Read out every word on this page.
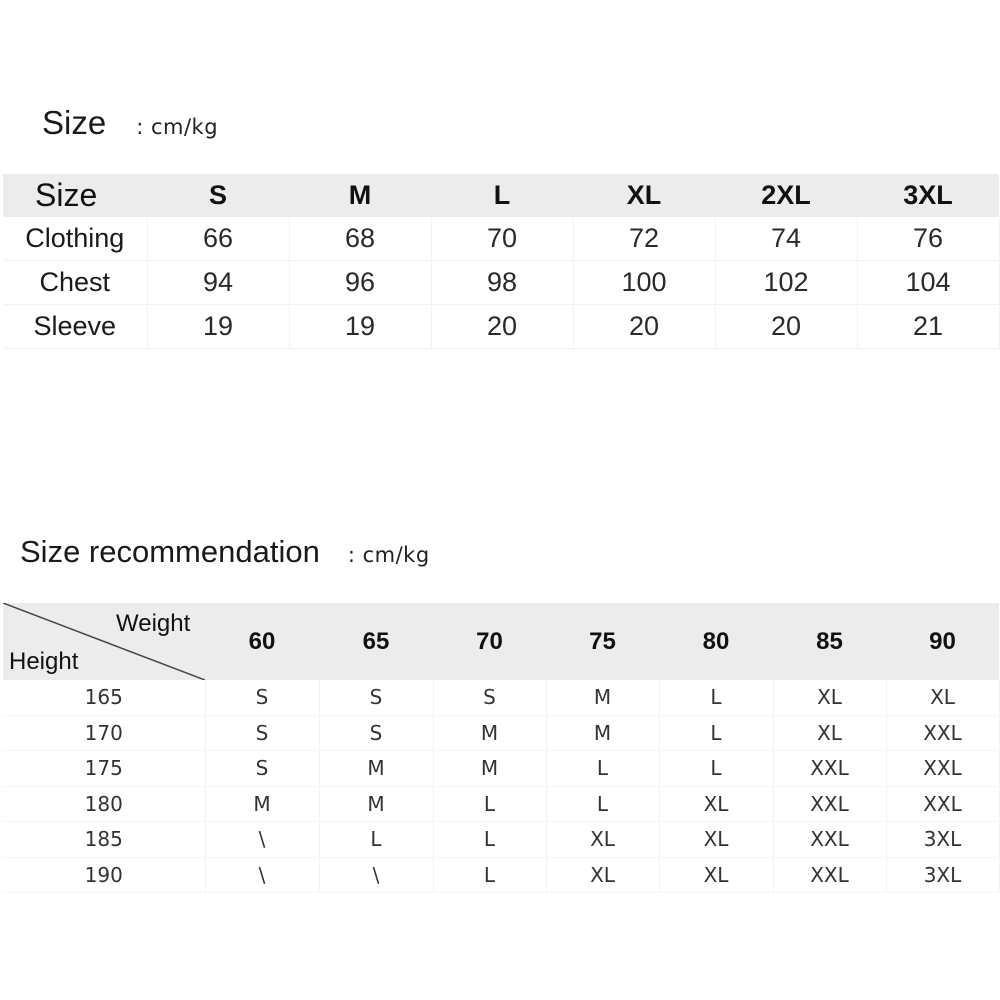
Size : cm/kg
Size	S	M	L	XL	2XL	3XL
Clothing	66	68	70	72	74	76
Chest	94	96	98	100	102	104
Sleeve	19	19	20	20	20	21
Size recommendation : cm/kg
Weight
Height	60	65	70	75	80	85	90
165	S	S	S	M	L	XL	XL
170	S	S	M	M	L	XL	XXL
175	S	M	M	L	L	XXL	XXL
180	M	M	L	L	XL	XXL	XXL
185	\	L	L	XL	XL	XXL	3XL
190	\	\	L	XL	XL	XXL	3XL
